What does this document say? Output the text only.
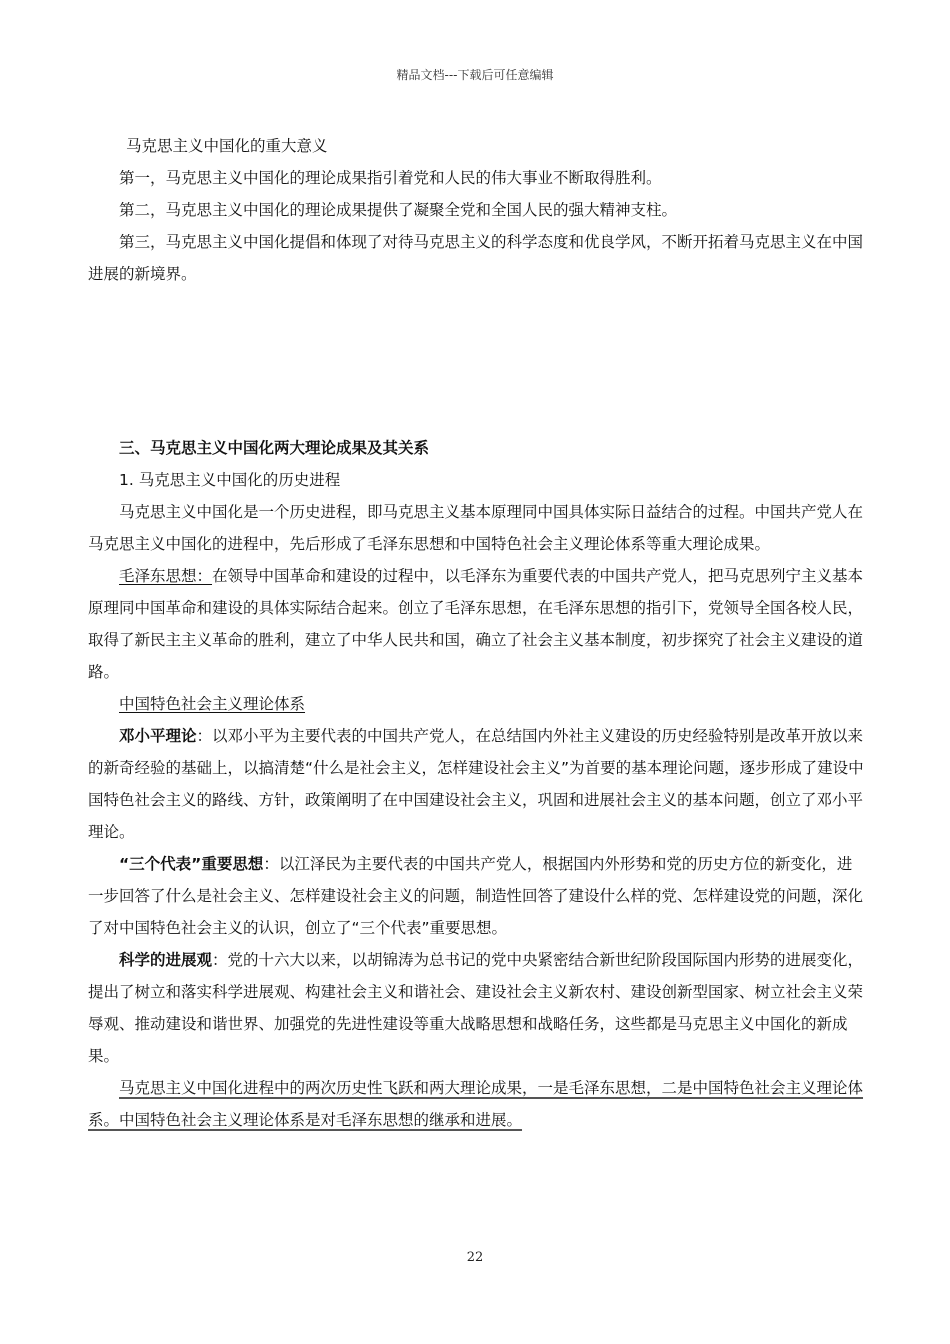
精品文档---下载后可任意编辑

马克思主义中国化的重大意义

第一，马克思主义中国化的理论成果指引着党和人民的伟大事业不断取得胜利。

第二，马克思主义中国化的理论成果提供了凝聚全党和全国人民的强大精神支柱。

第三，马克思主义中国化提倡和体现了对待马克思主义的科学态度和优良学风，不断开拓着马克思主义在中国进展的新境界。

三、马克思主义中国化两大理论成果及其关系

1. 马克思主义中国化的历史进程

马克思主义中国化是一个历史进程，即马克思主义基本原理同中国具体实际日益结合的过程。中国共产党人在马克思主义中国化的进程中，先后形成了毛泽东思想和中国特色社会主义理论体系等重大理论成果。

毛泽东思想：在领导中国革命和建设的过程中，以毛泽东为重要代表的中国共产党人，把马克思列宁主义基本原理同中国革命和建设的具体实际结合起来。创立了毛泽东思想，在毛泽东思想的指引下，党领导全国各校人民，取得了新民主主义革命的胜利，建立了中华人民共和国，确立了社会主义基本制度，初步探究了社会主义建设的道路。

中国特色社会主义理论体系

邓小平理论：以邓小平为主要代表的中国共产党人，在总结国内外社主义建设的历史经验特别是改革开放以来的新奇经验的基础上，以搞清楚“什么是社会主义，怎样建设社会主义”为首要的基本理论问题，逐步形成了建设中国特色社会主义的路线、方针，政策阐明了在中国建设社会主义，巩固和进展社会主义的基本问题，创立了邓小平理论。

“三个代表”重要思想：以江泽民为主要代表的中国共产党人，根据国内外形势和党的历史方位的新变化，进一步回答了什么是社会主义、怎样建设社会主义的问题，制造性回答了建设什么样的党、怎样建设党的问题，深化了对中国特色社会主义的认识，创立了“三个代表”重要思想。

科学的进展观：党的十六大以来，以胡锦涛为总书记的党中央紧密结合新世纪阶段国际国内形势的进展变化，提出了树立和落实科学进展观、构建社会主义和谐社会、建设社会主义新农村、建设创新型国家、树立社会主义荣辱观、推动建设和谐世界、加强党的先进性建设等重大战略思想和战略任务，这些都是马克思主义中国化的新成果。

马克思主义中国化进程中的两次历史性飞跃和两大理论成果，一是毛泽东思想，二是中国特色社会主义理论体系。中国特色社会主义理论体系是对毛泽东思想的继承和进展。

22
